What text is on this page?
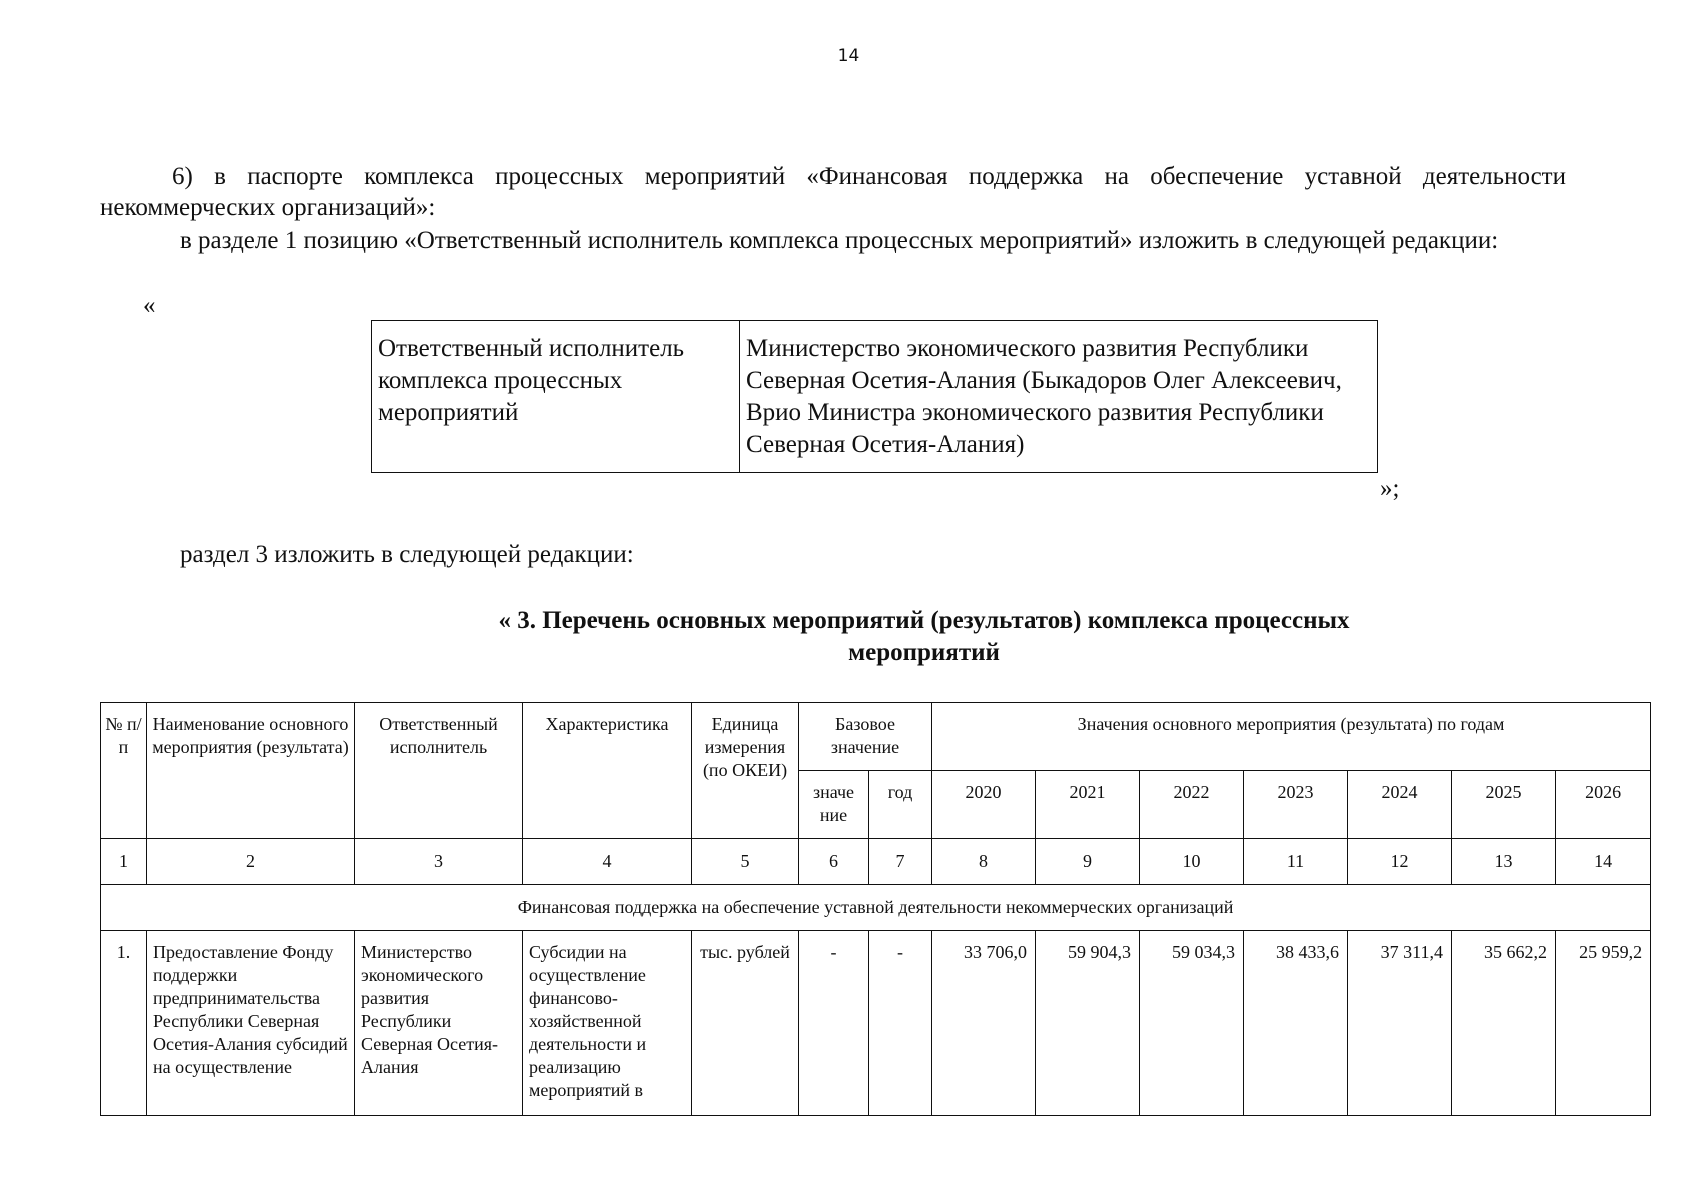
14
6) в паспорте комплекса процессных мероприятий «Финансовая поддержка на обеспечение уставной деятельности некоммерческих организаций»:
в разделе 1 позицию «Ответственный исполнитель комплекса процессных мероприятий» изложить в следующей редакции:
«
Ответственный исполнитель комплекса процессных мероприятий	Министерство экономического развития Республики Северная Осетия-Алания (Быкадоров Олег Алексеевич, Врио Министра экономического развития Республики Северная Осетия-Алания)
»;
раздел 3 изложить в следующей редакции:
« 3. Перечень основных мероприятий (результатов) комплекса процессных мероприятий
№ п/п	Наименование основного мероприятия (результата)	Ответственный исполнитель	Характеристика	Единица измерения (по ОКЕИ)	Базовое значение		Значения основного мероприятия (результата) по годам						
					значе ние	год	2020	2021	2022	2023	2024	2025	2026
1	2	3	4	5	6	7	8	9	10	11	12	13	14
Финансовая поддержка на обеспечение уставной деятельности некоммерческих организаций													
1.	Предоставление Фонду поддержки предпринимательства Республики Северная Осетия-Алания субсидий на осуществление	Министерство экономического развития Республики Северная Осетия-Алания	Субсидии на осуществление финансово-хозяйственной деятельности и реализацию мероприятий в	тыс. рублей	-	-	33 706,0	59 904,3	59 034,3	38 433,6	37 311,4	35 662,2	25 959,2
